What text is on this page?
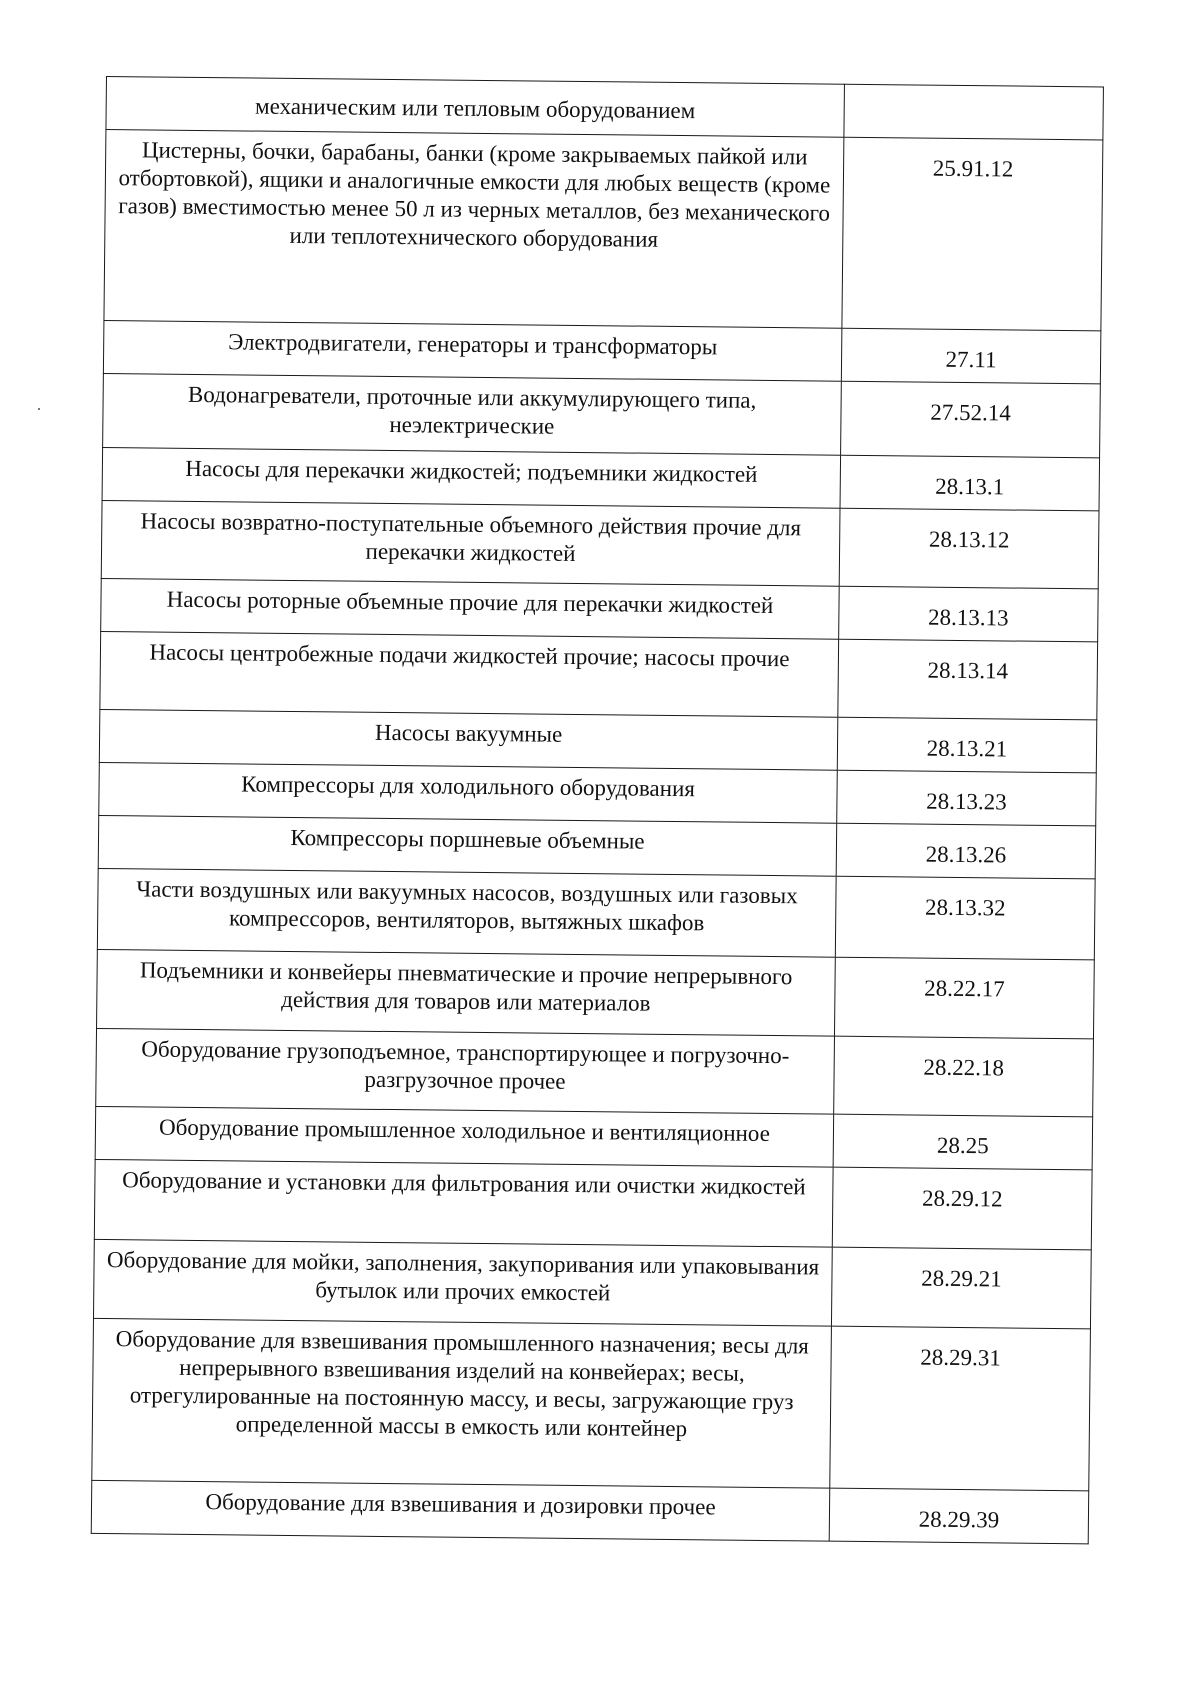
механическим или тепловым оборудованием	
Цистерны, бочки, барабаны, банки (кроме закрываемых пайкой или отбортовкой), ящики и аналогичные емкости для любых веществ (кроме газов) вместимостью менее 50 л из черных металлов, без механического или теплотехнического оборудования	25.91.12
Электродвигатели, генераторы и трансформаторы	27.11
Водонагреватели, проточные или аккумулирующего типа, неэлектрические	27.52.14
Насосы для перекачки жидкостей; подъемники жидкостей	28.13.1
Насосы возвратно-поступательные объемного действия прочие для перекачки жидкостей	28.13.12
Насосы роторные объемные прочие для перекачки жидкостей	28.13.13
Насосы центробежные подачи жидкостей прочие; насосы прочие	28.13.14
Насосы вакуумные	28.13.21
Компрессоры для холодильного оборудования	28.13.23
Компрессоры поршневые объемные	28.13.26
Части воздушных или вакуумных насосов, воздушных или газовых компрессоров, вентиляторов, вытяжных шкафов	28.13.32
Подъемники и конвейеры пневматические и прочие непрерывного действия для товаров или материалов	28.22.17
Оборудование грузоподъемное, транспортирующее и погрузочно-разгрузочное прочее	28.22.18
Оборудование промышленное холодильное и вентиляционное	28.25
Оборудование и установки для фильтрования или очистки жидкостей	28.29.12
Оборудование для мойки, заполнения, закупоривания или упаковывания бутылок или прочих емкостей	28.29.21
Оборудование для взвешивания промышленного назначения; весы для непрерывного взвешивания изделий на конвейерах; весы, отрегулированные на постоянную массу, и весы, загружающие груз определенной массы в емкость или контейнер	28.29.31
Оборудование для взвешивания и дозировки прочее	28.29.39
